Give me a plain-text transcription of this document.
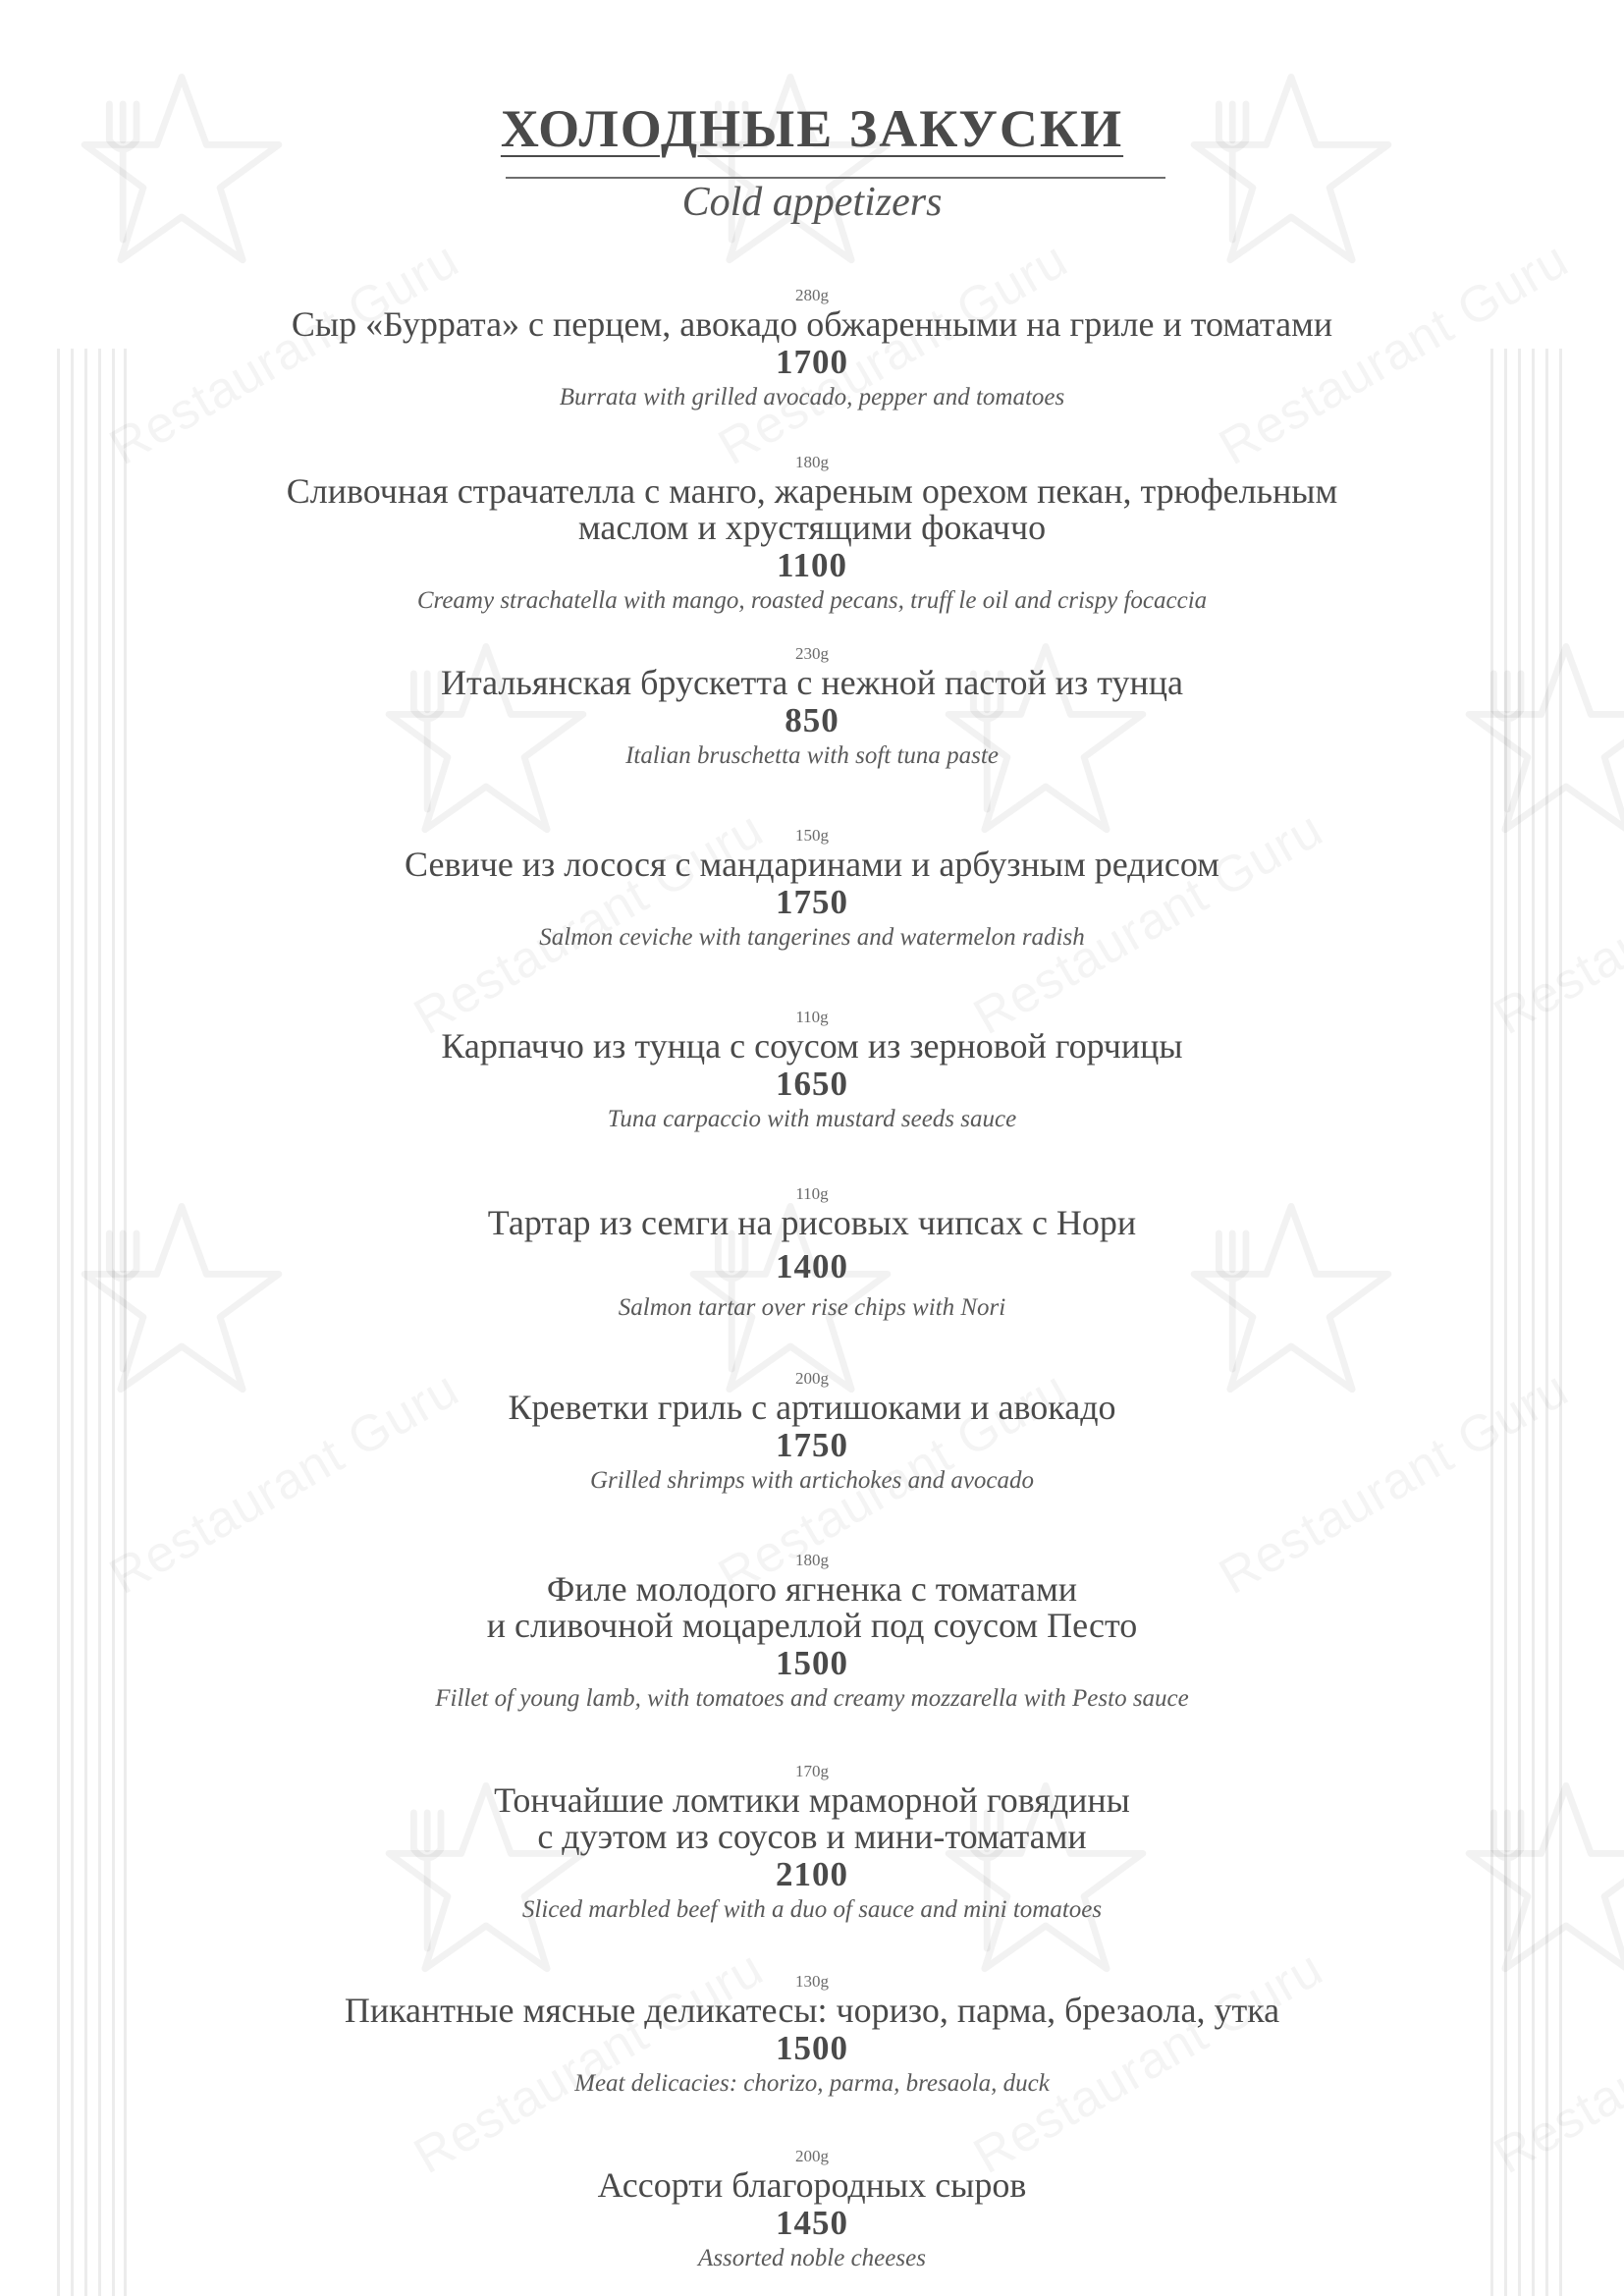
ХОЛОДНЫЕ ЗАКУСКИ
Cold appetizers
280g
Сыр «Буррата» с перцем, авокадо обжаренными на гриле и томатами
1700
Burrata with grilled avocado, pepper and tomatoes
180g
Сливочная страчателла с манго, жареным орехом пекан, трюфельным
маслом и хрустящими фокаччо
1100
Creamy strachatella with mango, roasted pecans, truff le oil and crispy focaccia
230g
Итальянская брускетта с нежной пастой из тунца
850
Italian bruschetta with soft tuna paste
150g
Севиче из лосося с мандаринами и арбузным редисом
1750
Salmon ceviche with tangerines and watermelon radish
110g
Карпаччо из тунца с соусом из зерновой горчицы
1650
Tuna carpaccio with mustard seeds sauce
110g
Тартар из семги на рисовых чипсах с Нори
1400
Salmon tartar over rise chips with Nori
200g
Креветки гриль с артишоками и авокадо
1750
Grilled shrimps with artichokes and avocado
180g
Филе молодого ягненка с томатами
и сливочной моцареллой под соусом Песто
1500
Fillet of young lamb, with tomatoes and creamy mozzarella with Pesto sauce
170g
Тончайшие ломтики мраморной говядины
с дуэтом из соусов и мини-томатами
2100
Sliced marbled beef with a duo of sauce and mini tomatoes
130g
Пикантные мясные деликатесы: чоризо, парма, брезаола, утка
1500
Meat delicacies: chorizo, parma, bresaola, duck
200g
Ассорти благородных сыров
1450
Assorted noble cheeses
